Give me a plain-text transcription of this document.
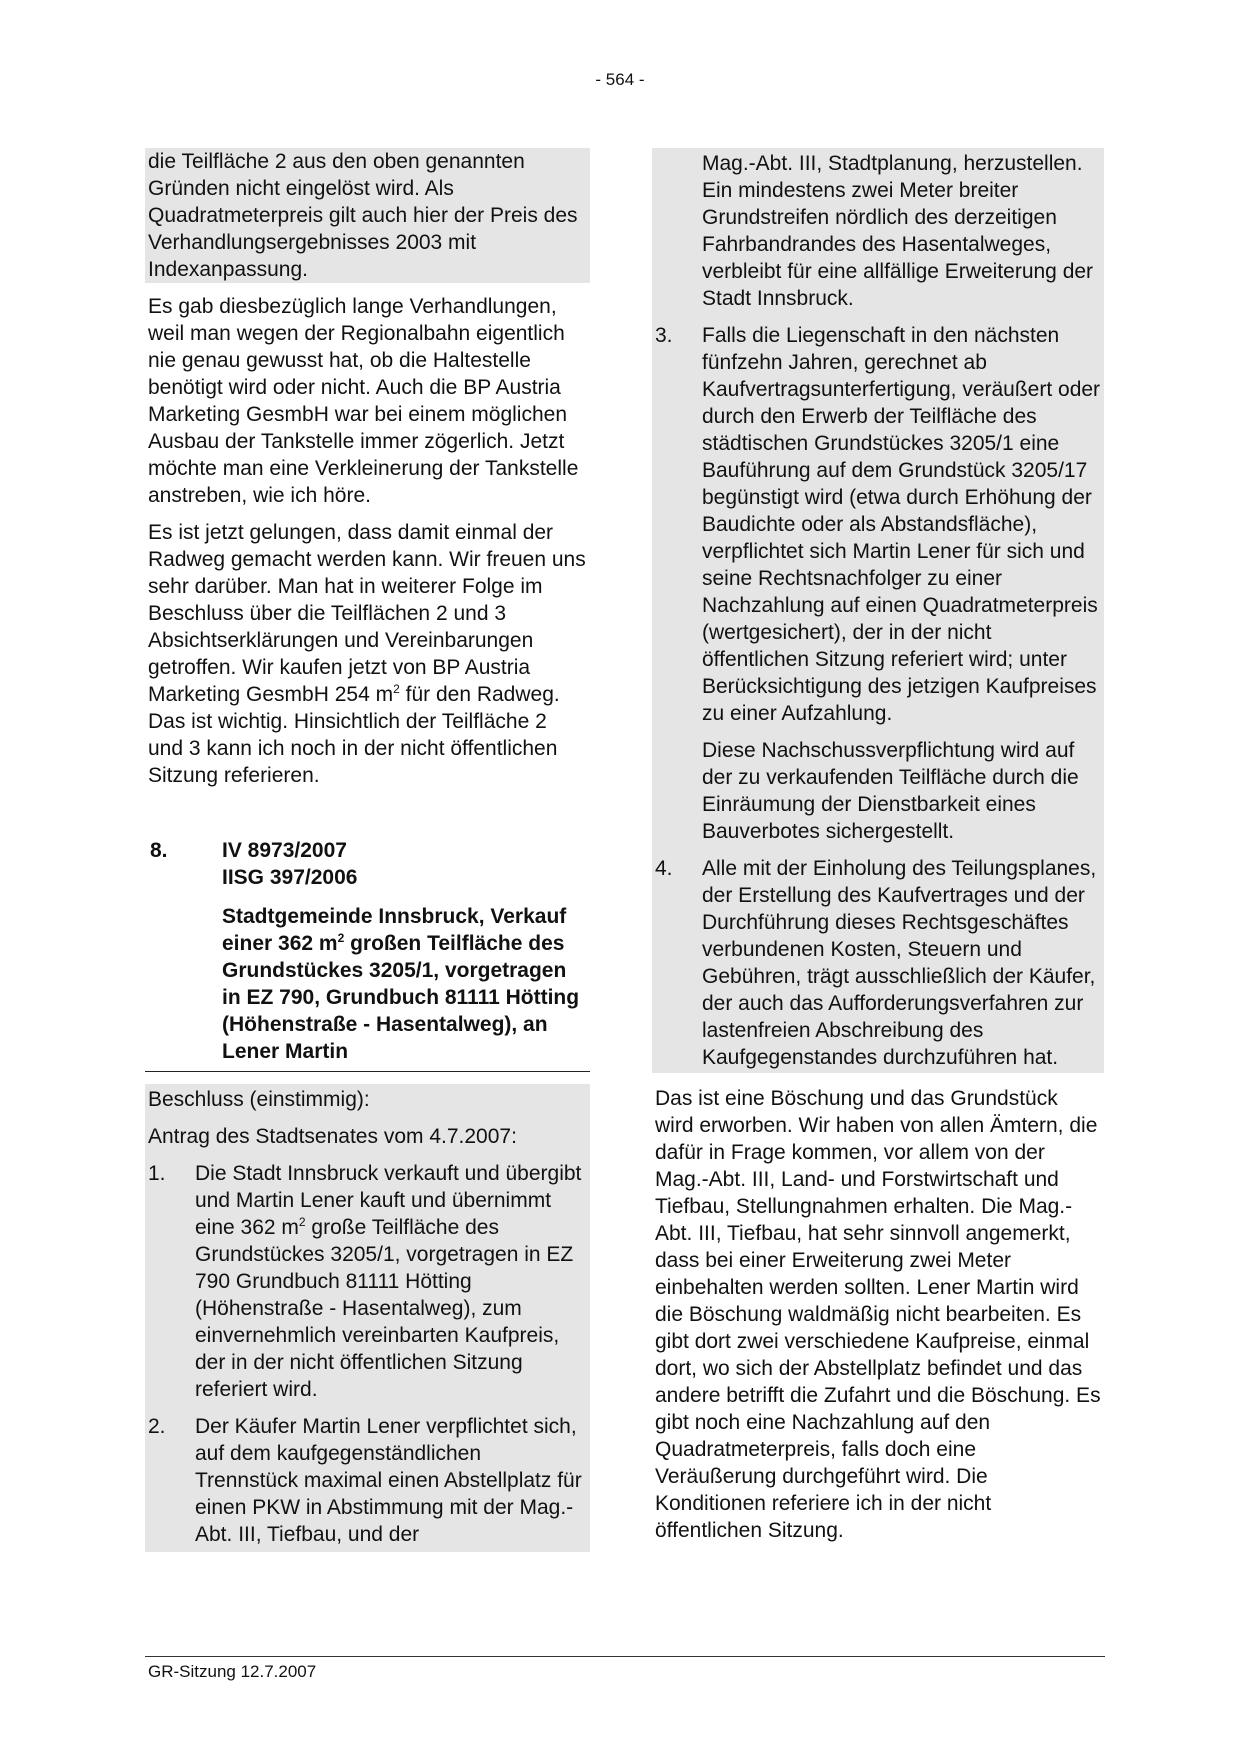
- 564 -

die Teilfläche 2 aus den oben genannten Gründen nicht eingelöst wird. Als Quadratmeterpreis gilt auch hier der Preis des Verhandlungsergebnisses 2003 mit Indexanpassung.

Es gab diesbezüglich lange Verhandlungen, weil man wegen der Regionalbahn eigentlich nie genau gewusst hat, ob die Haltestelle benötigt wird oder nicht. Auch die BP Austria Marketing GesmbH war bei einem möglichen Ausbau der Tankstelle immer zögerlich. Jetzt möchte man eine Verkleinerung der Tankstelle anstreben, wie ich höre.

Es ist jetzt gelungen, dass damit einmal der Radweg gemacht werden kann. Wir freuen uns sehr darüber. Man hat in weiterer Folge im Beschluss über die Teilflächen 2 und 3 Absichtserklärungen und Vereinbarungen getroffen. Wir kaufen jetzt von BP Austria Marketing GesmbH 254 $m^2$ für den Radweg. Das ist wichtig. Hinsichtlich der Teilfläche 2 und 3 kann ich noch in der nicht öffentlichen Sitzung referieren.

8.	IV 8973/2007
IISG 397/2006
Stadtgemeinde Innsbruck, Verkauf einer 362 $m^2$ großen Teilfläche des Grundstückes 3205/1, vorgetragen in EZ 790, Grundbuch 81111 Hötting (Höhenstraße - Hasentalweg), an Lener Martin

Beschluss (einstimmig):

Antrag des Stadtsenates vom 4.7.2007:

1.	Die Stadt Innsbruck verkauft und übergibt und Martin Lener kauft und übernimmt eine 362 $m^2$ große Teilfläche des Grundstückes 3205/1, vorgetragen in EZ 790 Grundbuch 81111 Hötting (Höhenstraße - Hasentalweg), zum einvernehmlich vereinbarten Kaufpreis, der in der nicht öffentlichen Sitzung referiert wird.
2.	Der Käufer Martin Lener verpflichtet sich, auf dem kaufgegenständlichen Trennstück maximal einen Abstellplatz für einen PKW in Abstimmung mit der Mag.-Abt. III, Tiefbau, und der

Mag.-Abt. III, Stadtplanung, herzustellen. Ein mindestens zwei Meter breiter Grundstreifen nördlich des derzeitigen Fahrbandrandes des Hasentalweges, verbleibt für eine allfällige Erweiterung der Stadt Innsbruck.

3.	Falls die Liegenschaft in den nächsten fünfzehn Jahren, gerechnet ab Kaufvertragsunterfertigung, veräußert oder durch den Erwerb der Teilfläche des städtischen Grundstückes 3205/1 eine Bauführung auf dem Grundstück 3205/17 begünstigt wird (etwa durch Erhöhung der Baudichte oder als Abstandsfläche), verpflichtet sich Martin Lener für sich und seine Rechtsnachfolger zu einer Nachzahlung auf einen Quadratmeterpreis (wertgesichert), der in der nicht öffentlichen Sitzung referiert wird; unter Berücksichtigung des jetzigen Kaufpreises zu einer Aufzahlung.

Diese Nachschussverpflichtung wird auf der zu verkaufenden Teilfläche durch die Einräumung der Dienstbarkeit eines Bauverbotes sichergestellt.

4.	Alle mit der Einholung des Teilungsplanes, der Erstellung des Kaufvertrages und der Durchführung dieses Rechtsgeschäftes verbundenen Kosten, Steuern und Gebühren, trägt ausschließlich der Käufer, der auch das Aufforderungsverfahren zur lastenfreien Abschreibung des Kaufgegenstandes durchzuführen hat.

Das ist eine Böschung und das Grundstück wird erworben. Wir haben von allen Ämtern, die dafür in Frage kommen, vor allem von der Mag.-Abt. III, Land- und Forstwirtschaft und Tiefbau, Stellungnahmen erhalten. Die Mag.-Abt. III, Tiefbau, hat sehr sinnvoll angemerkt, dass bei einer Erweiterung zwei Meter einbehalten werden sollten. Lener Martin wird die Böschung waldmäßig nicht bearbeiten. Es gibt dort zwei verschiedene Kaufpreise, einmal dort, wo sich der Abstellplatz befindet und das andere betrifft die Zufahrt und die Böschung. Es gibt noch eine Nachzahlung auf den Quadratmeterpreis, falls doch eine Veräußerung durchgeführt wird. Die Konditionen referiere ich in der nicht öffentlichen Sitzung.

GR-Sitzung 12.7.2007
